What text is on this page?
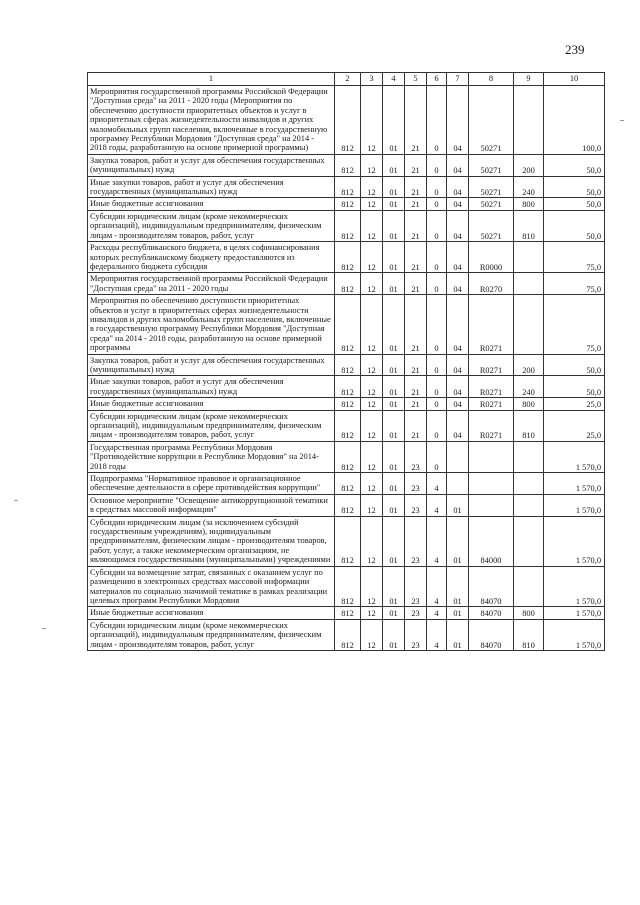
239
1	2	3	4	5	6	7	8	9	10
Мероприятия государственной программы Российской Федерации "Доступная среда" на 2011 - 2020 годы (Мероприятия по обеспечению доступности приоритетных объектов и услуг в приоритетных сферах жизнедеятельности инвалидов и других маломобильных групп населения, включенные в государственную программу Республики Мордовия "Доступная среда" на 2014 - 2018 годы, разработанную на основе примерной программы)	812	12	01	21	0	04	50271		100,0
Закупка товаров, работ и услуг для обеспечения государственных (муниципальных) нужд	812	12	01	21	0	04	50271	200	50,0
Иные закупки товаров, работ и услуг для обеспечения государственных (муниципальных) нужд	812	12	01	21	0	04	50271	240	50,0
Иные бюджетные ассигнования	812	12	01	21	0	04	50271	800	50,0
Субсидии юридическим лицам (кроме некоммерческих организаций), индивидуальным предпринимателям, физическим лицам - производителям товаров, работ, услуг	812	12	01	21	0	04	50271	810	50,0
Расходы республиканского бюджета, в целях софинансирования которых республиканскому бюджету предоставляются из федерального бюджета субсидия	812	12	01	21	0	04	R0000		75,0
Мероприятия государственной программы Российской Федерации "Доступная среда" на 2011 - 2020 годы	812	12	01	21	0	04	R0270		75,0
Мероприятия по обеспечению доступности приоритетных объектов и услуг в приоритетных сферах жизнедеятельности инвалидов и других маломобильных групп населения, включенные в государственную программу Республики Мордовия "Доступная среда" на 2014 - 2018 годы, разработанную на основе примерной программы	812	12	01	21	0	04	R0271		75,0
Закупка товаров, работ и услуг для обеспечения государственных (муниципальных) нужд	812	12	01	21	0	04	R0271	200	50,0
Иные закупки товаров, работ и услуг для обеспечения государственных (муниципальных) нужд	812	12	01	21	0	04	R0271	240	50,0
Иные бюджетные ассигнования	812	12	01	21	0	04	R0271	800	25,0
Субсидии юридическим лицам (кроме некоммерческих организаций), индивидуальным предпринимателям, физическим лицам - производителям товаров, работ, услуг	812	12	01	21	0	04	R0271	810	25,0
Государственная программа Республики Мордовия "Противодействие коррупции в Республике Мордовия" на 2014-2018 годы	812	12	01	23	0				1 570,0
Подпрограмма "Нормативное правовое и организационное обеспечение деятельности в сфере противодействия коррупции"	812	12	01	23	4				1 570,0
Основное мероприятие "Освещение антикоррупционной тематики в средствах массовой информации"	812	12	01	23	4	01			1 570,0
Субсидии юридическим лицам (за исключением субсидий государственным учреждениям), индивидуальным предпринимателям, физическим лицам - производителям товаров, работ, услуг, а также некоммерческим организациям, не являющимся государственными (муниципальными) учреждениями	812	12	01	23	4	01	84000		1 570,0
Субсидии на возмещение затрат, связанных с оказанием услуг по размещению в электронных средствах массовой информации материалов по социально значимой тематике в рамках реализации целевых программ Республики Мордовия	812	12	01	23	4	01	84070		1 570,0
Иные бюджетные ассигнования	812	12	01	23	4	01	84070	800	1 570,0
Субсидии юридическим лицам (кроме некоммерческих организаций), индивидуальным предпринимателям, физическим лицам - производителям товаров, работ, услуг	812	12	01	23	4	01	84070	810	1 570,0
